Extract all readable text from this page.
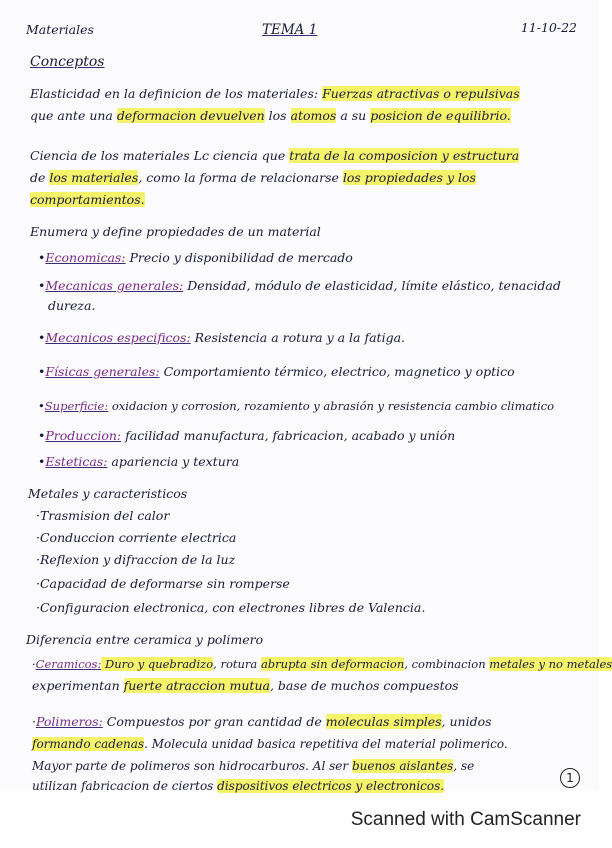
Materiales	TEMA 1	11-10-22
Conceptos
Elasticidad en la definicion de los materiales: Fuerzas atractivas o repulsivas
que ante una deformacion devuelven los atomos a su posicion de equilibrio.
Ciencia de los materiales Lc ciencia que trata de la composicion y estructura
de los materiales, como la forma de relacionarse los propiedades y los
comportamientos.
Enumera y define propiedades de un material
•Economicas: Precio y disponibilidad de mercado
•Mecanicas generales: Densidad, módulo de elasticidad, límite elástico, tenacidad
dureza.
•Mecanicos especificos: Resistencia a rotura y a la fatiga.
•Físicas generales: Comportamiento térmico, electrico, magnetico y optico
•Superficie: oxidacion y corrosion, rozamiento y abrasión y resistencia cambio climatico
•Produccion: facilidad manufactura, fabricacion, acabado y unión
•Esteticas: apariencia y textura
Metales y caracteristicos
·Trasmision del calor
·Conduccion corriente electrica
·Reflexion y difraccion de la luz
·Capacidad de deformarse sin romperse
·Configuracion electronica, con electrones libres de Valencia.
Diferencia entre ceramica y polimero
·Ceramicos: Duro y quebradizo, rotura abrupta sin deformacion, combinacion metales y no metales
experimentan fuerte atraccion mutua, base de muchos compuestos
·Polimeros: Compuestos por gran cantidad de moleculas simples, unidos
formando cadenas. Molecula unidad basica repetitiva del material polimerico.
Mayor parte de polimeros son hidrocarburos. Al ser buenos aislantes, se
utilizan fabricacion de ciertos dispositivos electricos y electronicos.
1
Scanned with CamScanner
